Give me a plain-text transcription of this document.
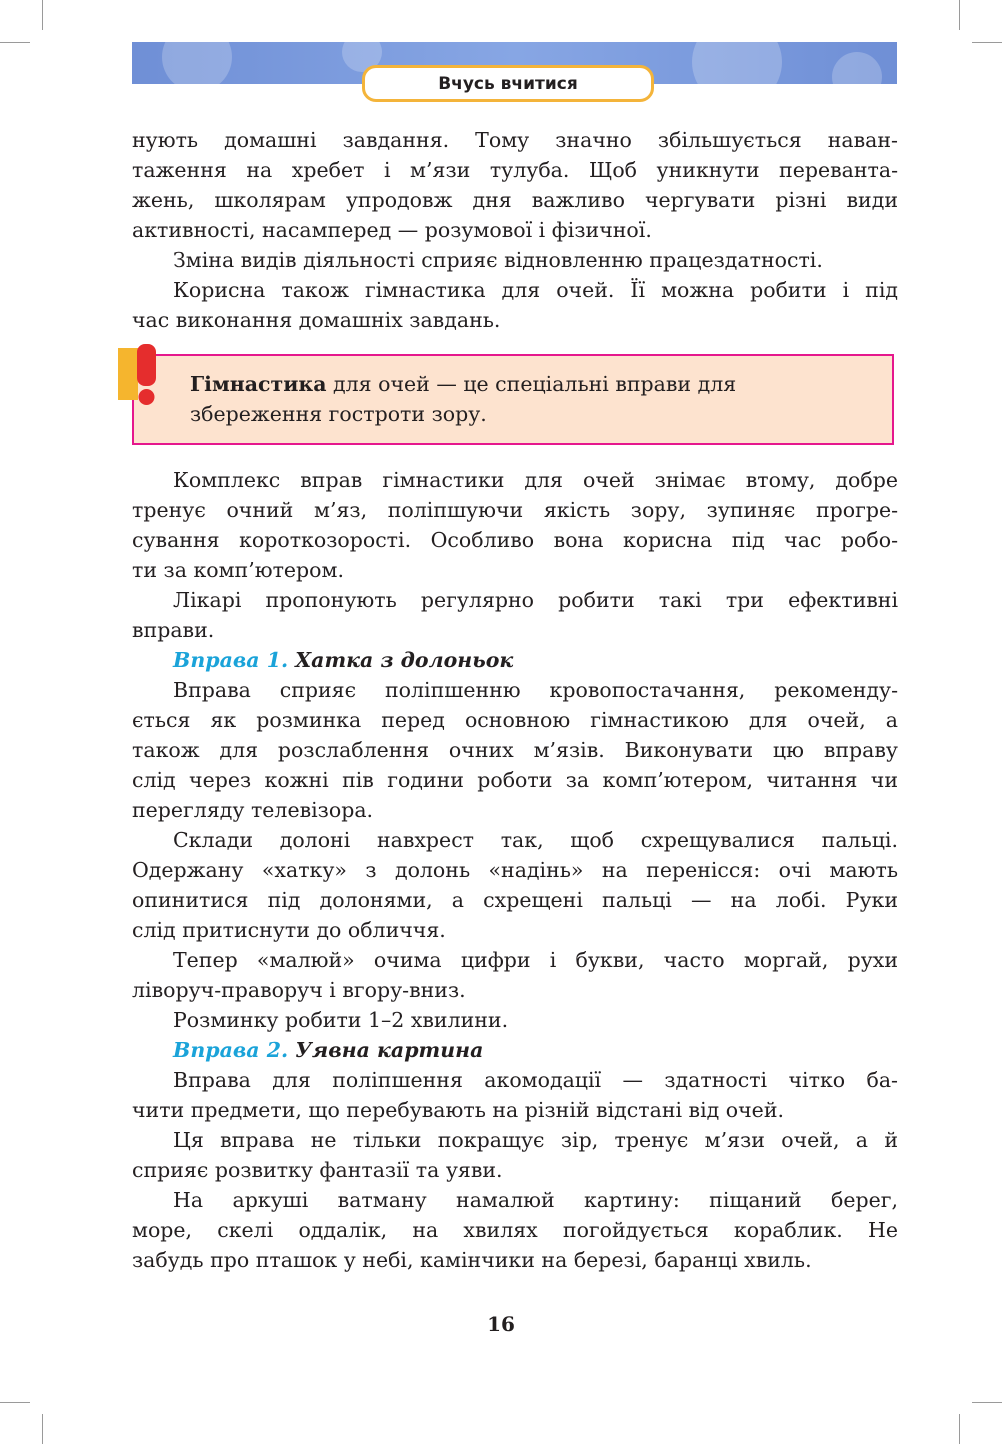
Вчусь вчитися
нують домашні завдання. Тому значно збільшується наван-
таження на хребет і м’язи тулуба. Щоб уникнути переванта-
жень, школярам упродовж дня важливо чергувати різні види
активності, насамперед — розумової і фізичної.
Зміна видів діяльності сприяє відновленню працездатності.
Корисна також гімнастика для очей. Її можна робити і під
час виконання домашніх завдань.
Гімнастика для очей — це спеціальні вправи для
збереження гостроти зору.
Комплекс вправ гімнастики для очей знімає втому, добре
тренує очний м’яз, поліпшуючи якість зору, зупиняє прогре-
сування короткозорості. Особливо вона корисна під час робо-
ти за комп’ютером.
Лікарі пропонують регулярно робити такі три ефективні
вправи.
Вправа 1. Хатка з долоньок
Вправа сприяє поліпшенню кровопостачання, рекоменду-
ється як розминка перед основною гімнастикою для очей, а
також для розслаблення очних м’язів. Виконувати цю вправу
слід через кожні пів години роботи за комп’ютером, читання чи
перегляду телевізора.
Склади долоні навхрест так, щоб схрещувалися пальці.
Одержану «хатку» з долонь «надінь» на перенісся: очі мають
опинитися під долонями, а схрещені пальці — на лобі. Руки
слід притиснути до обличчя.
Тепер «малюй» очима цифри і букви, часто моргай, рухи
ліворуч-праворуч і вгору-вниз.
Розминку робити 1–2 хвилини.
Вправа 2. Уявна картина
Вправа для поліпшення акомодації — здатності чітко ба-
чити предмети, що перебувають на різній відстані від очей.
Ця вправа не тільки покращує зір, тренує м’язи очей, а й
сприяє розвитку фантазії та уяви.
На аркуші ватману намалюй картину: піщаний берег,
море, скелі оддалік, на хвилях погойдується кораблик. Не
забудь про пташок у небі, камінчики на березі, баранці хвиль.
16
